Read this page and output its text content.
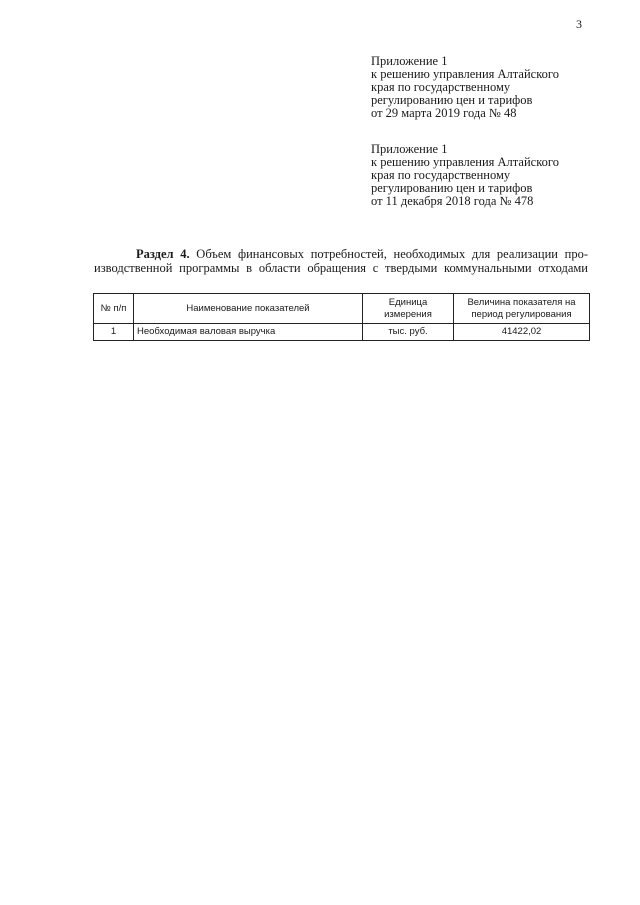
3
Приложение 1
к решению управления Алтайского
края по государственному
регулированию цен и тарифов
от 29 марта 2019 года № 48
Приложение 1
к решению управления Алтайского
края по государственному
регулированию цен и тарифов
от 11 декабря 2018 года № 478
Раздел 4. Объем финансовых потребностей, необходимых для реализации про-
изводственной программы в области обращения с твердыми коммунальными отходами
№ п/п	Наименование показателей	Единица измерения	Величина показателя на период регулирования
1	Необходимая валовая выручка	тыс. руб.	41422,02
